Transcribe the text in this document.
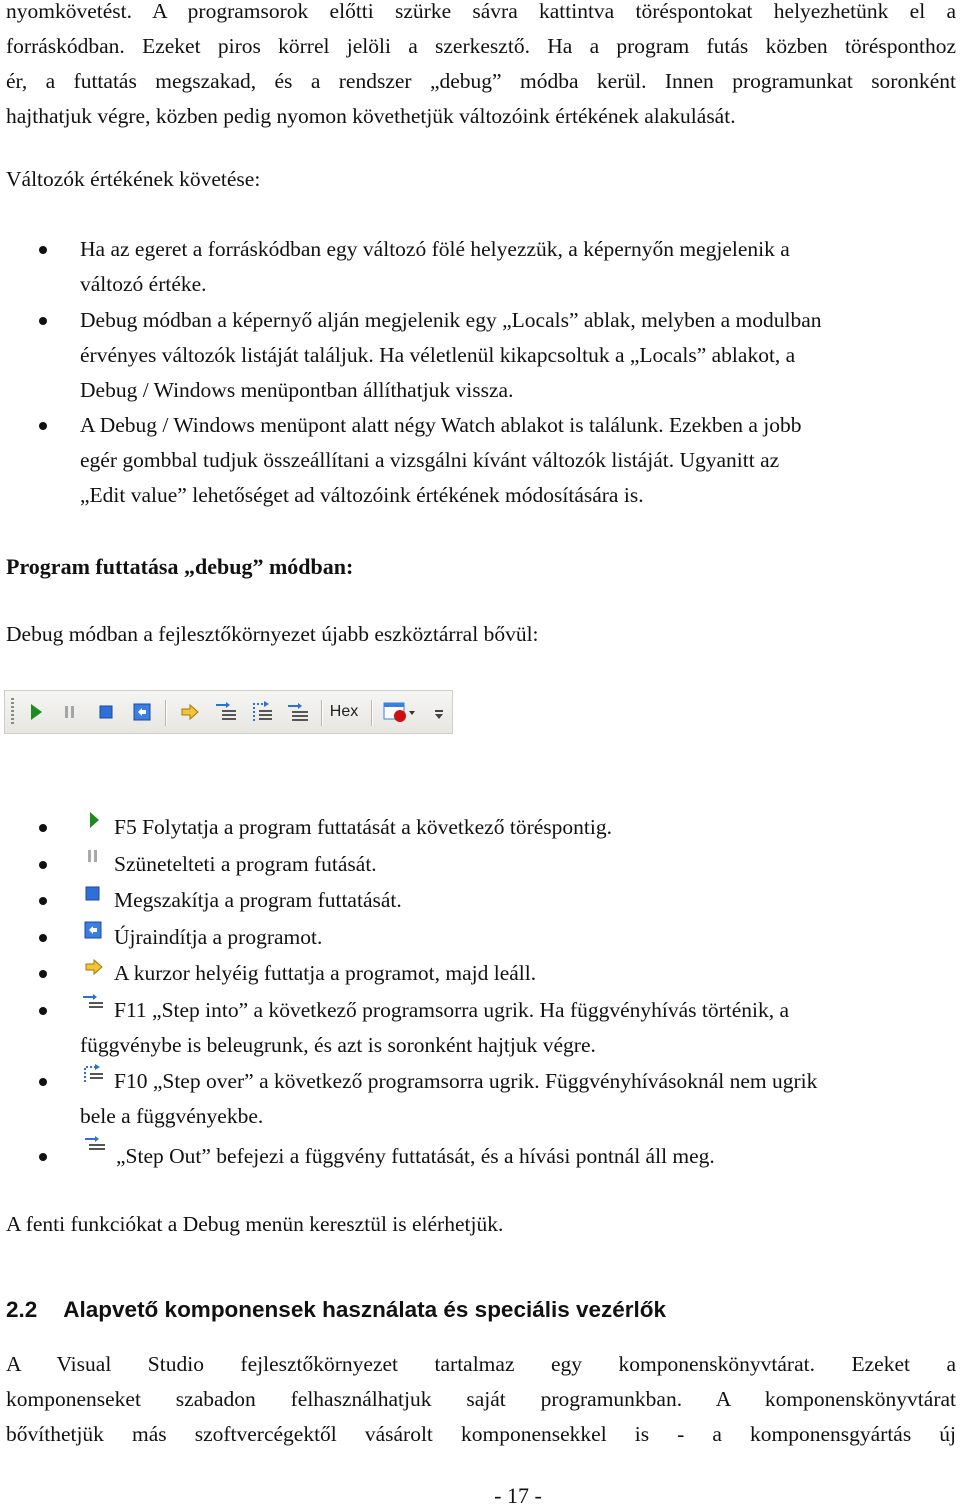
nyomkövetést. A programsorok előtti szürke sávra kattintva töréspontokat helyezhetünk el a
forráskódban. Ezeket piros körrel jelöli a szerkesztő. Ha a program futás közben törésponthoz
ér, a futtatás megszakad, és a rendszer „debug” módba kerül. Innen programunkat soronként
hajthatjuk végre, közben pedig nyomon követhetjük változóink értékének alakulását.
Változók értékének követése:
Ha az egeret a forráskódban egy változó fölé helyezzük, a képernyőn megjelenik a
változó értéke.
Debug módban a képernyő alján megjelenik egy „Locals” ablak, melyben a modulban
érvényes változók listáját találjuk. Ha véletlenül kikapcsoltuk a „Locals” ablakot, a
Debug / Windows menüpontban állíthatjuk vissza.
A Debug / Windows menüpont alatt négy Watch ablakot is találunk. Ezekben a jobb
egér gombbal tudjuk összeállítani a vizsgálni kívánt változók listáját. Ugyanitt az
„Edit value” lehetőséget ad változóink értékének módosítására is.
Program futtatása „debug” módban:
Debug módban a fejlesztőkörnyezet újabb eszköztárral bővül:
Hex
F5 Folytatja a program futtatását a következő töréspontig.
Szünetelteti a program futását.
Megszakítja a program futtatását.
Újraindítja a programot.
A kurzor helyéig futtatja a programot, majd leáll.
F11 „Step into” a következő programsorra ugrik. Ha függvényhívás történik, a
függvénybe is beleugrunk, és azt is soronként hajtjuk végre.
F10 „Step over” a következő programsorra ugrik. Függvényhívásoknál nem ugrik
bele a függvényekbe.
„Step Out” befejezi a függvény futtatását, és a hívási pontnál áll meg.
A fenti funkciókat a Debug menün keresztül is elérhetjük.
2.2 Alapvető komponensek használata és speciális vezérlők
A Visual Studio fejlesztőkörnyezet tartalmaz egy komponenskönyvtárat. Ezeket a
komponenseket szabadon felhasználhatjuk saját programunkban. A komponenskönyvtárat
bővíthetjük más szoftvercégektől vásárolt komponensekkel is - a komponensgyártás új
- 17 -
